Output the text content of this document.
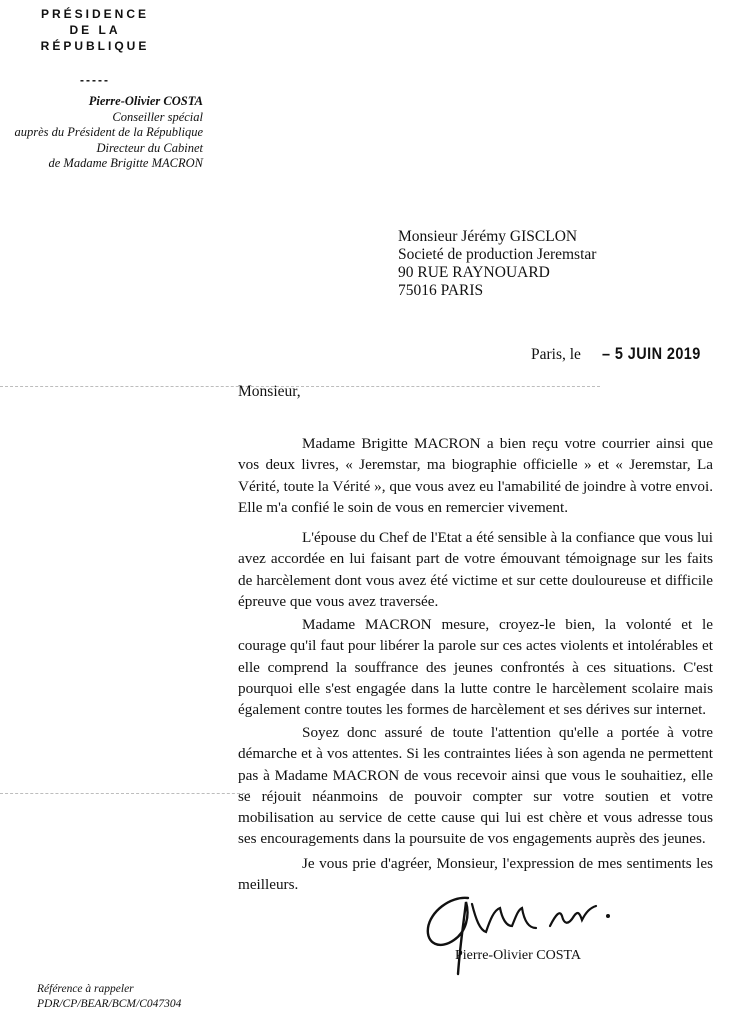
PRÉSIDENCE
DE LA
RÉPUBLIQUE
-----
Pierre-Olivier COSTA
Conseiller spécial
auprès du Président de la République
Directeur du Cabinet
de Madame Brigitte MACRON
Monsieur Jérémy GISCLON
Societé de production Jeremstar
90 RUE RAYNOUARD
75016 PARIS
Paris, le – 5 JUIN 2019
Monsieur,
Madame Brigitte MACRON a bien reçu votre courrier ainsi que vos deux livres, « Jeremstar, ma biographie officielle » et « Jeremstar, La Vérité, toute la Vérité », que vous avez eu l'amabilité de joindre à votre envoi. Elle m'a confié le soin de vous en remercier vivement.
L'épouse du Chef de l'Etat a été sensible à la confiance que vous lui avez accordée en lui faisant part de votre émouvant témoignage sur les faits de harcèlement dont vous avez été victime et sur cette douloureuse et difficile épreuve que vous avez traversée.
Madame MACRON mesure, croyez-le bien, la volonté et le courage qu'il faut pour libérer la parole sur ces actes violents et intolérables et elle comprend la souffrance des jeunes confrontés à ces situations. C'est pourquoi elle s'est engagée dans la lutte contre le harcèlement scolaire mais également contre toutes les formes de harcèlement et ses dérives sur internet.
Soyez donc assuré de toute l'attention qu'elle a portée à votre démarche et à vos attentes. Si les contraintes liées à son agenda ne permettent pas à Madame MACRON de vous recevoir ainsi que vous le souhaitiez, elle se réjouit néanmoins de pouvoir compter sur votre soutien et votre mobilisation au service de cette cause qui lui est chère et vous adresse tous ses encouragements dans la poursuite de vos engagements auprès des jeunes.
Je vous prie d'agréer, Monsieur, l'expression de mes sentiments les meilleurs.
Pierre-Olivier COSTA
Référence à rappeler
PDR/CP/BEAR/BCM/C047304
